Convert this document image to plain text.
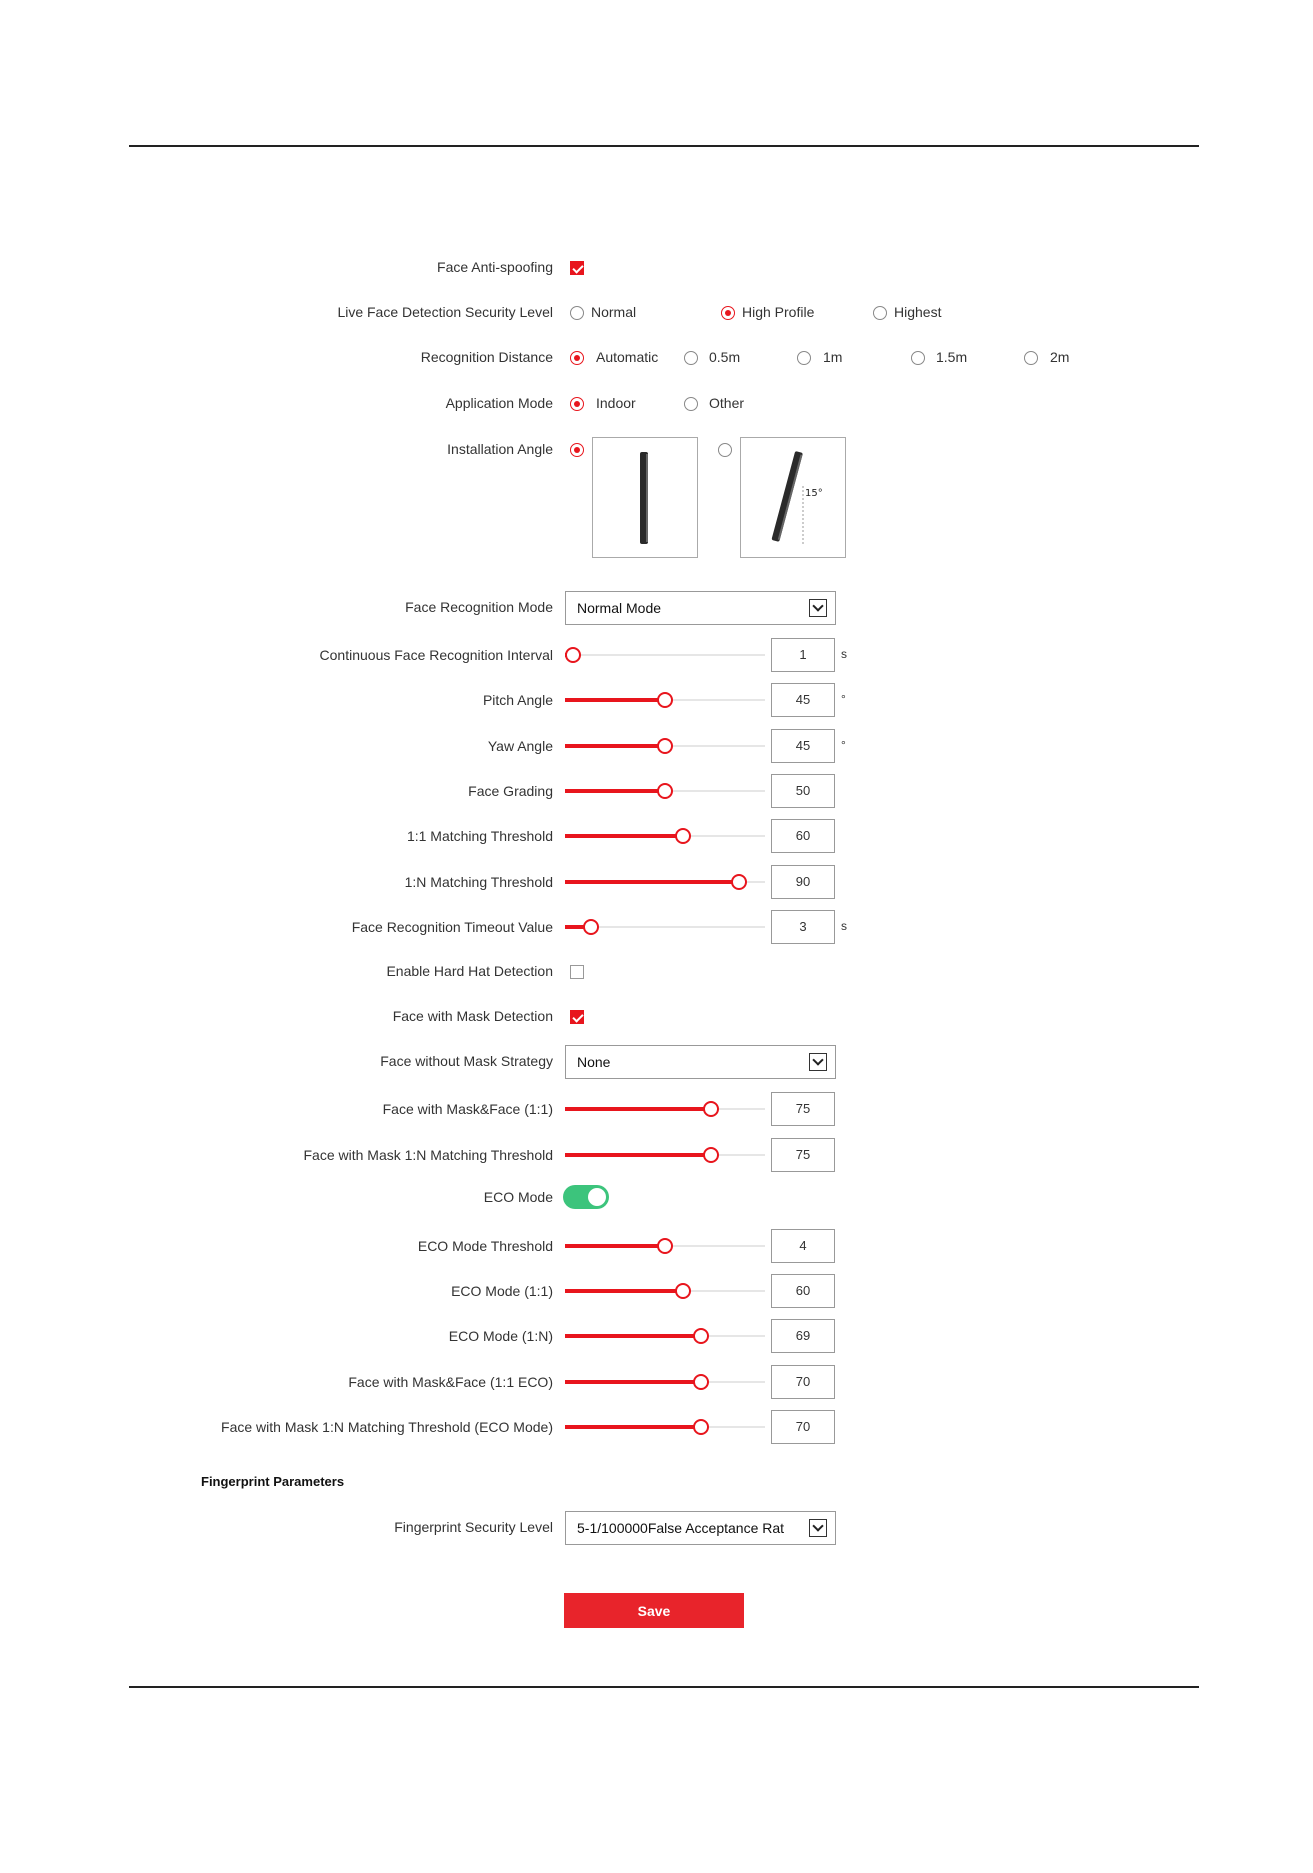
Face Anti-spoofing
Live Face Detection Security Level	Normal	High Profile	Highest
Recognition Distance	Automatic	0.5m	1m	1.5m	2m
Application Mode	Indoor	Other
Installation Angle
15°
Face Recognition Mode Normal Mode
Continuous Face Recognition Interval	1	s
Pitch Angle	45	°
Yaw Angle	45	°
Face Grading	50
1:1 Matching Threshold	60
1:N Matching Threshold	90
Face Recognition Timeout Value	3	s
Face with Mask&Face (1:1)	75
Face with Mask 1:N Matching Threshold	75
ECO Mode Threshold	4
ECO Mode (1:1)	60
ECO Mode (1:N)	69
Face with Mask&Face (1:1 ECO)	70
Face with Mask 1:N Matching Threshold (ECO Mode)	70
Enable Hard Hat Detection
Face with Mask Detection
Face without Mask Strategy None
ECO Mode
Fingerprint Parameters
Fingerprint Security Level 5-1/100000False Acceptance Rat
Save
